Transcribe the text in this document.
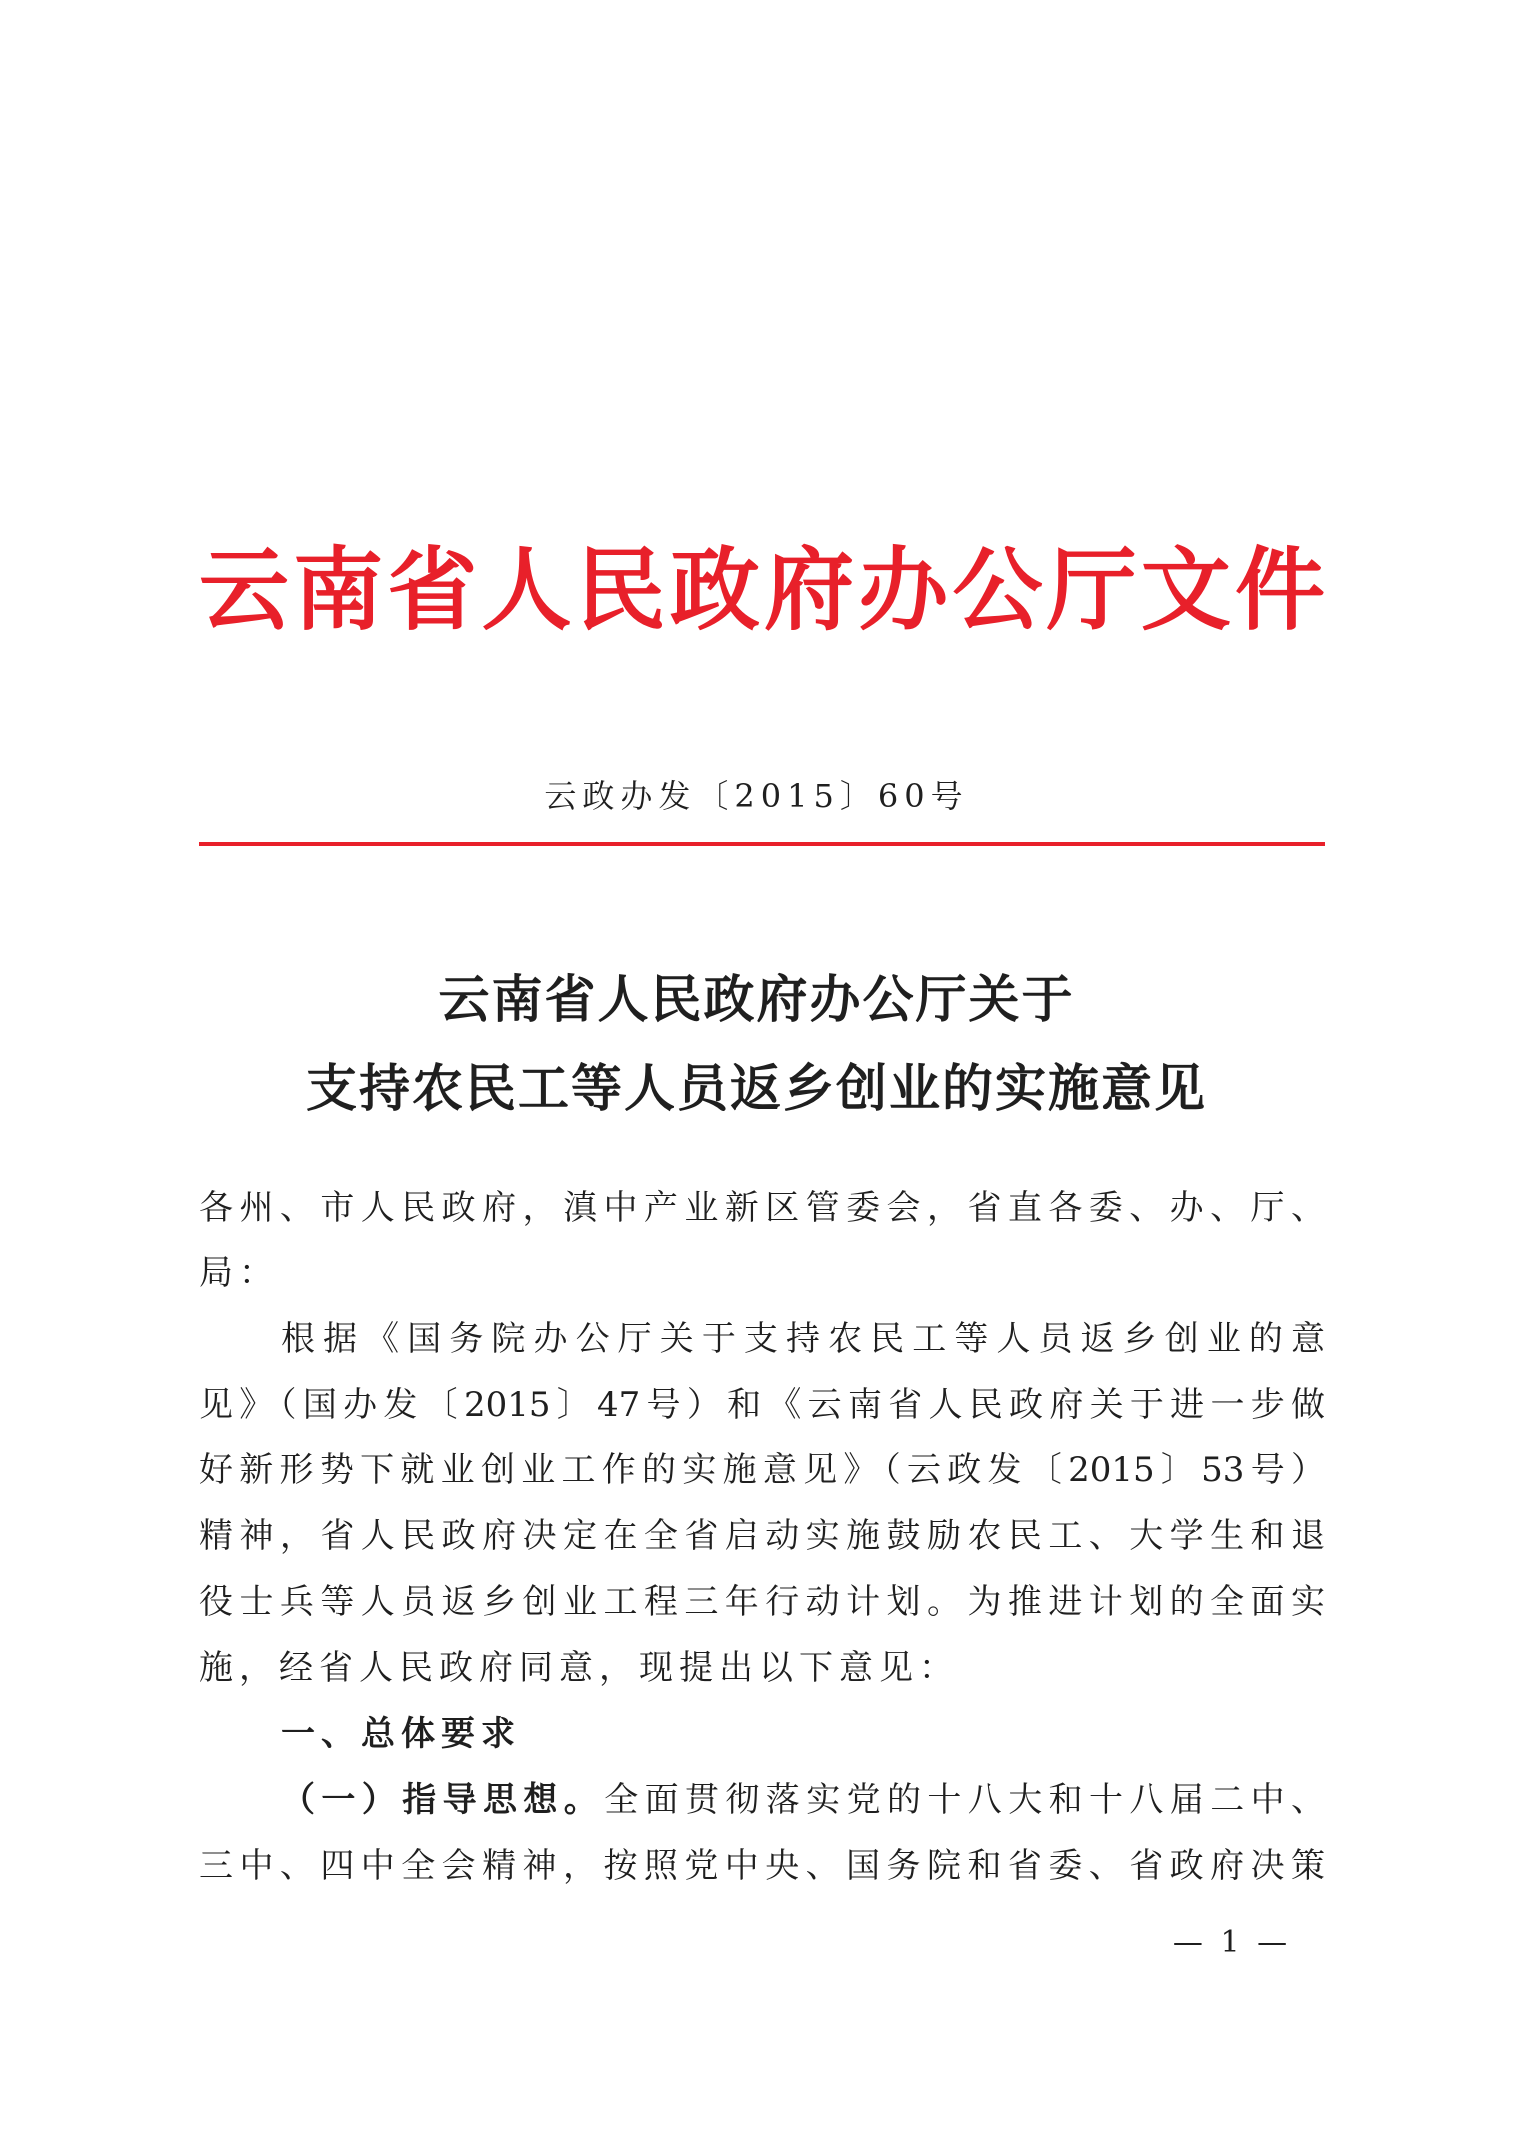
云南省人民政府办公厅文件
云政办发〔2015〕60号
云南省人民政府办公厅关于
支持农民工等人员返乡创业的实施意见
各州、市人民政府，滇中产业新区管委会，省直各委、办、厅、
局：
根据《国务院办公厅关于支持农民工等人员返乡创业的意
见》（国办发〔2015〕47号）和《云南省人民政府关于进一步做
好新形势下就业创业工作的实施意见》（云政发〔2015〕53号）
精神，省人民政府决定在全省启动实施鼓励农民工、大学生和退
役士兵等人员返乡创业工程三年行动计划。为推进计划的全面实
施，经省人民政府同意，现提出以下意见：
一、总体要求
（一）指导思想。全面贯彻落实党的十八大和十八届二中、
三中、四中全会精神，按照党中央、国务院和省委、省政府决策
— 1 —
